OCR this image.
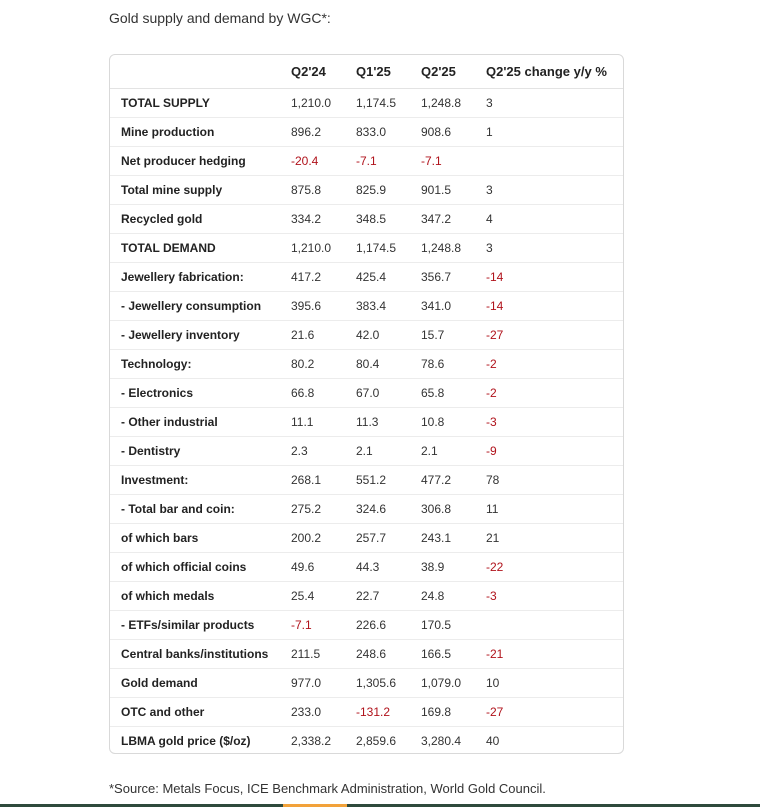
Gold supply and demand by WGC*:

	Q2'24	Q1'25	Q2'25	Q2'25 change y/y %
TOTAL SUPPLY	1,210.0	1,174.5	1,248.8	3
Mine production	896.2	833.0	908.6	1
Net producer hedging	-20.4	-7.1	-7.1	
Total mine supply	875.8	825.9	901.5	3
Recycled gold	334.2	348.5	347.2	4
TOTAL DEMAND	1,210.0	1,174.5	1,248.8	3
Jewellery fabrication:	417.2	425.4	356.7	-14
- Jewellery consumption	395.6	383.4	341.0	-14
- Jewellery inventory	21.6	42.0	15.7	-27
Technology:	80.2	80.4	78.6	-2
- Electronics	66.8	67.0	65.8	-2
- Other industrial	11.1	11.3	10.8	-3
- Dentistry	2.3	2.1	2.1	-9
Investment:	268.1	551.2	477.2	78
- Total bar and coin:	275.2	324.6	306.8	11
of which bars	200.2	257.7	243.1	21
of which official coins	49.6	44.3	38.9	-22
of which medals	25.4	22.7	24.8	-3
- ETFs/similar products	-7.1	226.6	170.5	
Central banks/institutions	211.5	248.6	166.5	-21
Gold demand	977.0	1,305.6	1,079.0	10
OTC and other	233.0	-131.2	169.8	-27
LBMA gold price ($/oz)	2,338.2	2,859.6	3,280.4	40

*Source: Metals Focus, ICE Benchmark Administration, World Gold Council.
